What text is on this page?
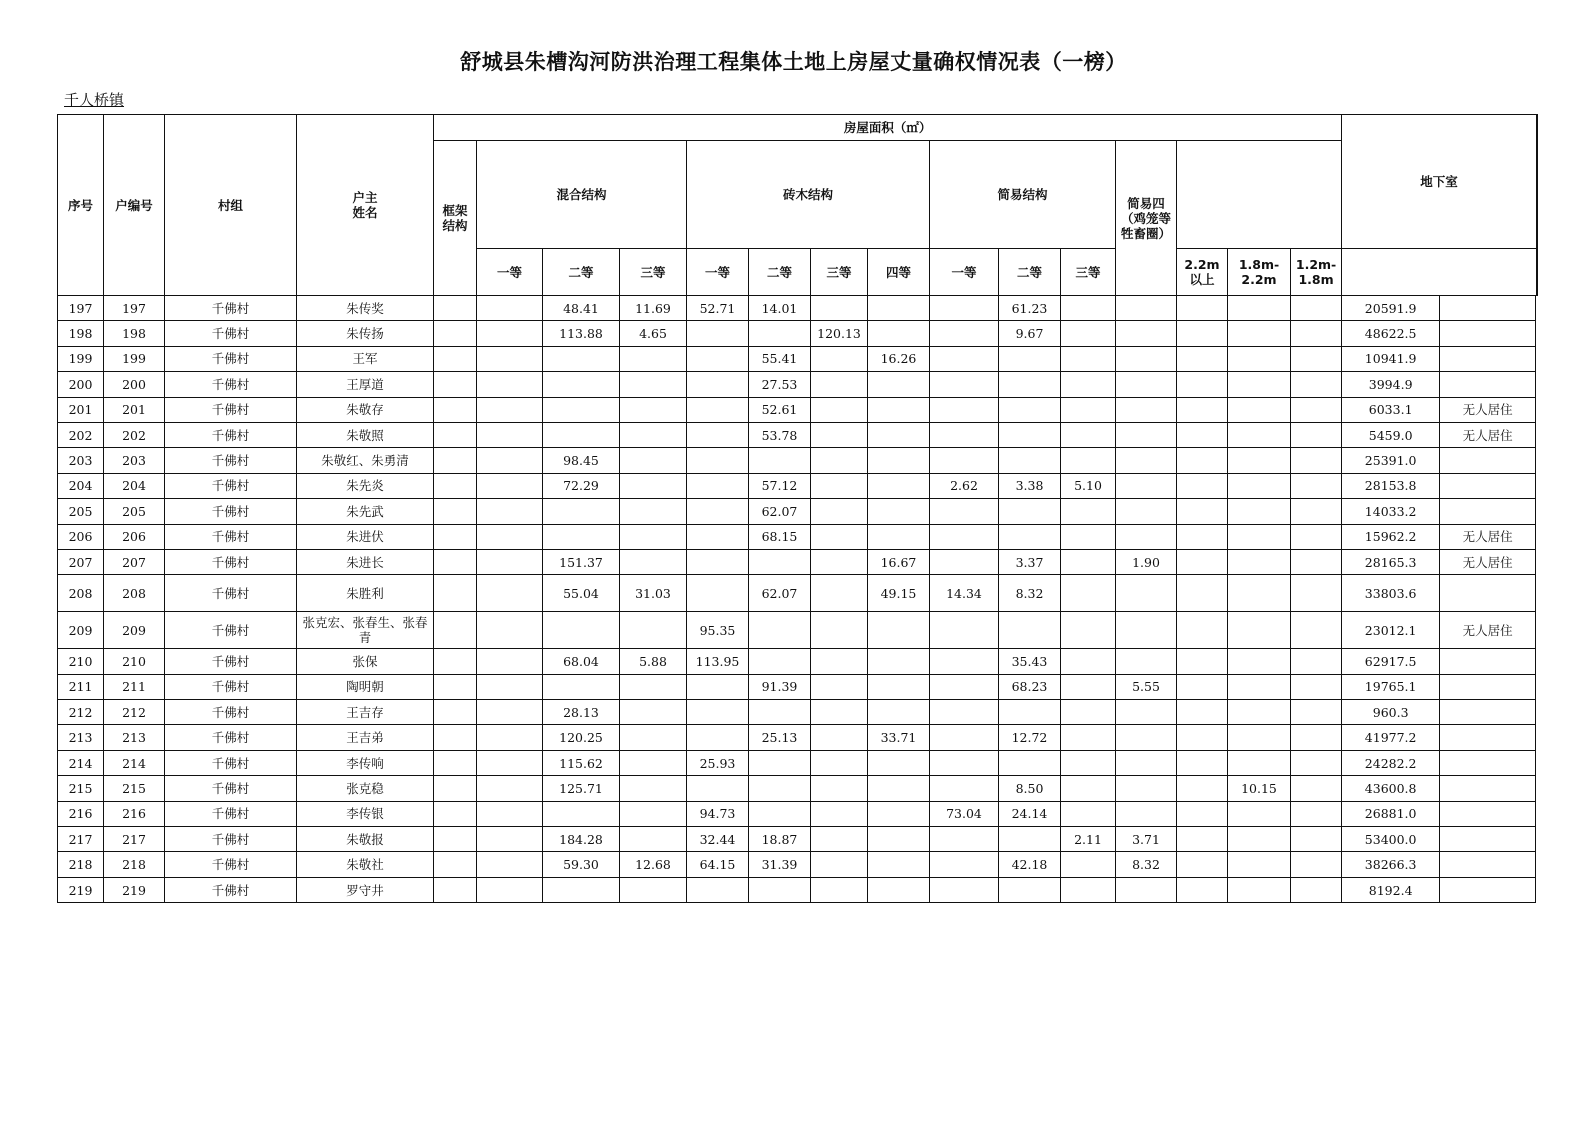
舒城县朱槽沟河防洪治理工程集体土地上房屋丈量确权情况表（一榜）
千人桥镇
序号	户编号	村组	户主
姓名	房屋面积（㎡）															地下室		
				框架
结构	混合结构			砖木结构				简易结构			简易四（鸡笼等牲畜圈）						
					一等	二等	三等	一等	二等	三等	四等	一等	二等	三等		2.2m以上	1.8m-2.2m	1.2m-1.8m			
197	197	千佛村	朱传奖			48.41	11.69	52.71	14.01				61.23						20591.9		
198	198	千佛村	朱传扬			113.88	4.65			120.13			9.67						48622.5		
199	199	千佛村	王军						55.41		16.26								10941.9		
200	200	千佛村	王厚道						27.53										3994.9		
201	201	千佛村	朱敬存						52.61										6033.1	无人居住	
202	202	千佛村	朱敬照						53.78										5459.0	无人居住	
203	203	千佛村	朱敬红、朱勇清			98.45													25391.0		
204	204	千佛村	朱先炎			72.29			57.12			2.62	3.38	5.10					28153.8		
205	205	千佛村	朱先武						62.07										14033.2		
206	206	千佛村	朱进伏						68.15										15962.2	无人居住	
207	207	千佛村	朱进长			151.37					16.67		3.37		1.90				28165.3	无人居住	
208	208	千佛村	朱胜利			55.04	31.03		62.07		49.15	14.34	8.32						33803.6		
209	209	千佛村	张克宏、张春生、张春青					95.35											23012.1	无人居住	
210	210	千佛村	张保			68.04	5.88	113.95					35.43						62917.5		
211	211	千佛村	陶明朝						91.39				68.23		5.55				19765.1		
212	212	千佛村	王吉存			28.13													960.3		
213	213	千佛村	王吉弟			120.25			25.13		33.71		12.72						41977.2		
214	214	千佛村	李传响			115.62		25.93											24282.2		
215	215	千佛村	张克稳			125.71							8.50				10.15		43600.8		
216	216	千佛村	李传银					94.73				73.04	24.14						26881.0		
217	217	千佛村	朱敬报			184.28		32.44	18.87					2.11	3.71				53400.0		
218	218	千佛村	朱敬社			59.30	12.68	64.15	31.39				42.18		8.32				38266.3		
219	219	千佛村	罗守井																8192.4		
